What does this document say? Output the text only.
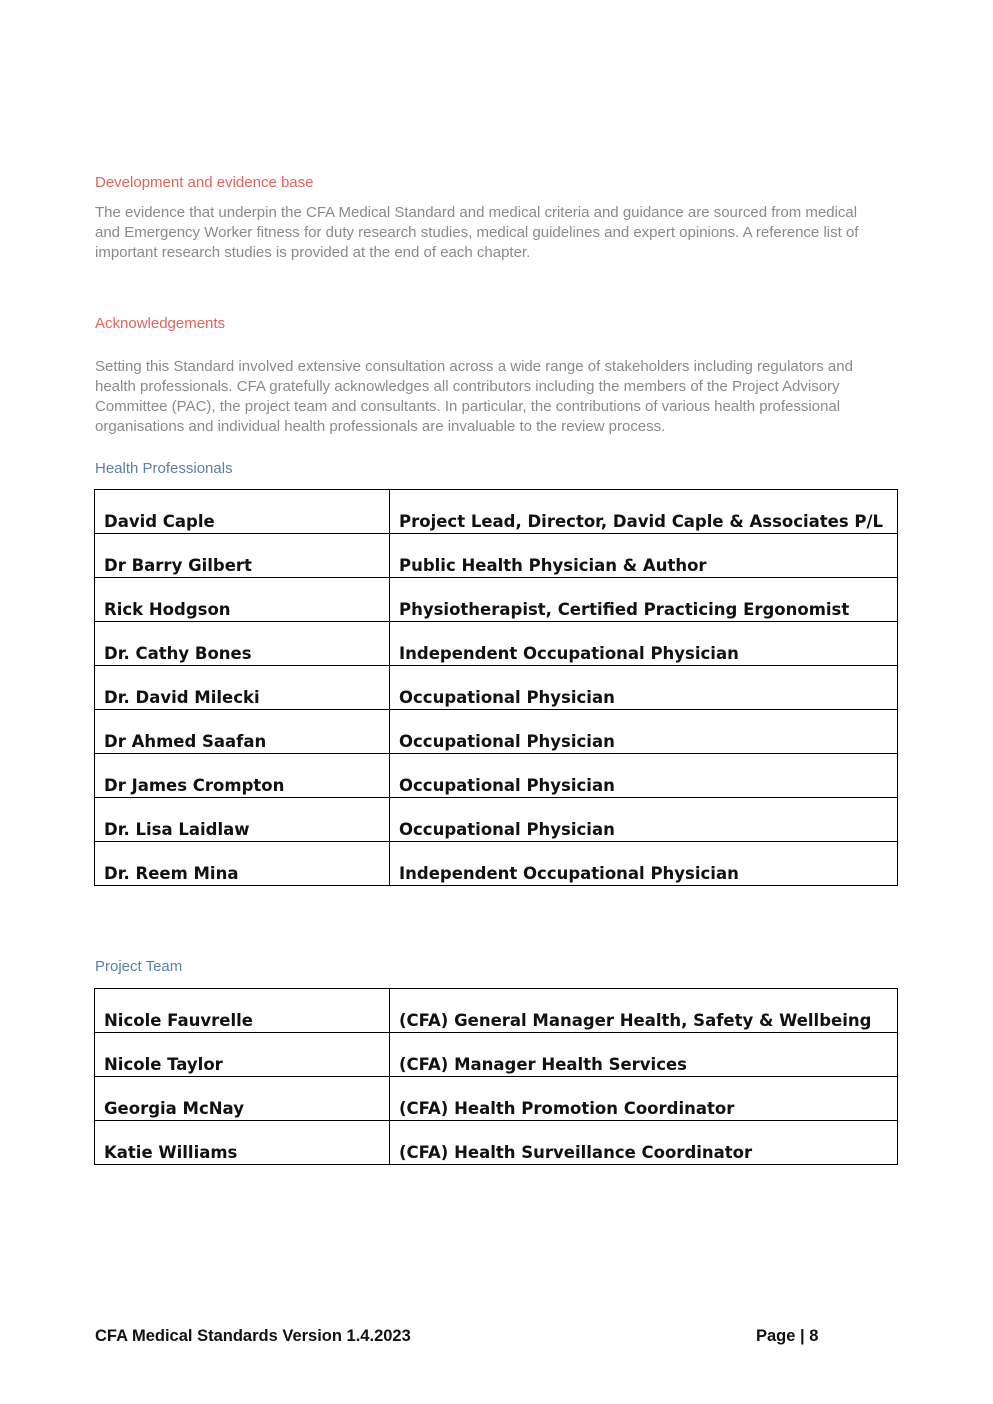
Development and evidence base

The evidence that underpin the CFA Medical Standard and medical criteria and guidance are sourced from medical and Emergency Worker fitness for duty research studies, medical guidelines and expert opinions. A reference list of important research studies is provided at the end of each chapter.

Acknowledgements

Setting this Standard involved extensive consultation across a wide range of stakeholders including regulators and health professionals. CFA gratefully acknowledges all contributors including the members of the Project Advisory Committee (PAC), the project team and consultants. In particular, the contributions of various health professional organisations and individual health professionals are invaluable to the review process.

Health Professionals
David Caple	Project Lead, Director, David Caple & Associates P/L
Dr Barry Gilbert	Public Health Physician & Author
Rick Hodgson	Physiotherapist, Certified Practicing Ergonomist
Dr. Cathy Bones	Independent Occupational Physician
Dr. David Milecki	Occupational Physician
Dr Ahmed Saafan	Occupational Physician
Dr James Crompton	Occupational Physician
Dr. Lisa Laidlaw	Occupational Physician
Dr. Reem Mina	Independent Occupational Physician
Project Team
Nicole Fauvrelle	(CFA) General Manager Health, Safety & Wellbeing
Nicole Taylor	(CFA) Manager Health Services
Georgia McNay	(CFA) Health Promotion Coordinator
Katie Williams	(CFA) Health Surveillance Coordinator
CFA Medical Standards Version 1.4.2023	Page | 8
